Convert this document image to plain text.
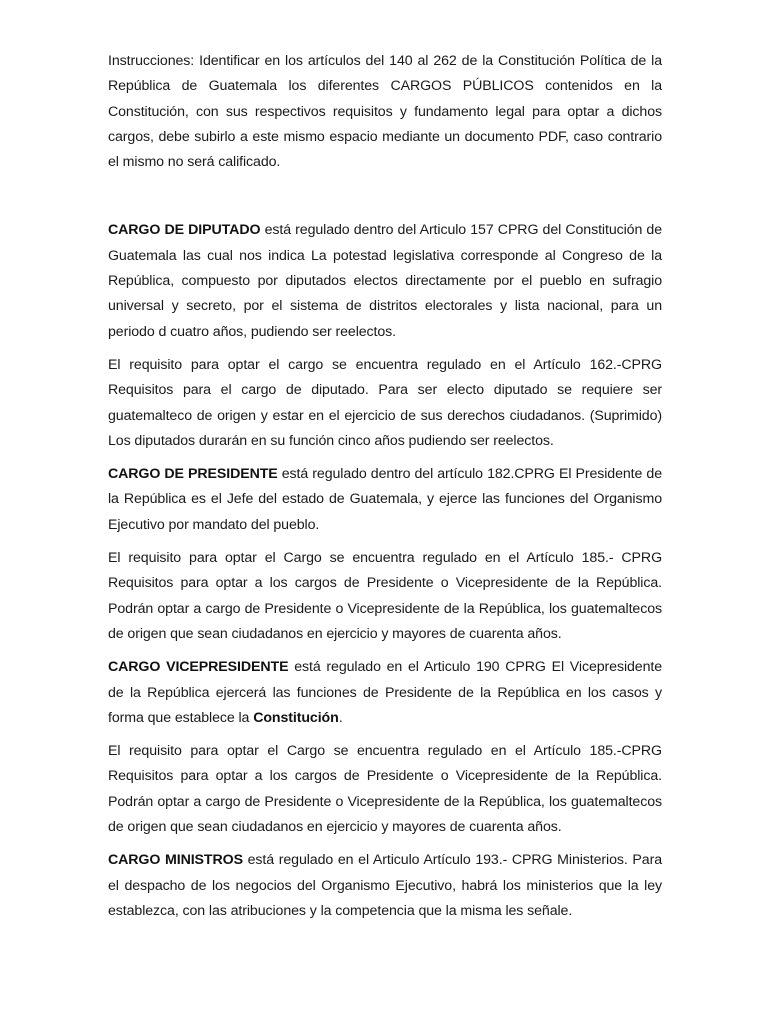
Instrucciones: Identificar en los artículos del 140 al 262 de la Constitución Política de la República de Guatemala los diferentes CARGOS PÚBLICOS contenidos en la Constitución, con sus respectivos requisitos y fundamento legal para optar a dichos cargos, debe subirlo a este mismo espacio mediante un documento PDF, caso contrario el mismo no será calificado.

CARGO DE DIPUTADO está regulado dentro del Articulo 157 CPRG del Constitución de Guatemala las cual nos indica La potestad legislativa corresponde al Congreso de la República, compuesto por diputados electos directamente por el pueblo en sufragio universal y secreto, por el sistema de distritos electorales y lista nacional, para un periodo d cuatro años, pudiendo ser reelectos.

El requisito para optar el cargo se encuentra regulado en el Artículo 162.-CPRG Requisitos para el cargo de diputado. Para ser electo diputado se requiere ser guatemalteco de origen y estar en el ejercicio de sus derechos ciudadanos. (Suprimido) Los diputados durarán en su función cinco años pudiendo ser reelectos.

CARGO DE PRESIDENTE está regulado dentro del artículo 182.CPRG El Presidente de la República es el Jefe del estado de Guatemala, y ejerce las funciones del Organismo Ejecutivo por mandato del pueblo.

El requisito para optar el Cargo se encuentra regulado en el Artículo 185.- CPRG Requisitos para optar a los cargos de Presidente o Vicepresidente de la República. Podrán optar a cargo de Presidente o Vicepresidente de la República, los guatemaltecos de origen que sean ciudadanos en ejercicio y mayores de cuarenta años.

CARGO VICEPRESIDENTE está regulado en el Articulo 190 CPRG El Vicepresidente de la República ejercerá las funciones de Presidente de la República en los casos y forma que establece la Constitución.

El requisito para optar el Cargo se encuentra regulado en el Artículo 185.-CPRG Requisitos para optar a los cargos de Presidente o Vicepresidente de la República. Podrán optar a cargo de Presidente o Vicepresidente de la República, los guatemaltecos de origen que sean ciudadanos en ejercicio y mayores de cuarenta años.

CARGO MINISTROS está regulado en el Articulo Artículo 193.- CPRG Ministerios. Para el despacho de los negocios del Organismo Ejecutivo, habrá los ministerios que la ley establezca, con las atribuciones y la competencia que la misma les señale.
